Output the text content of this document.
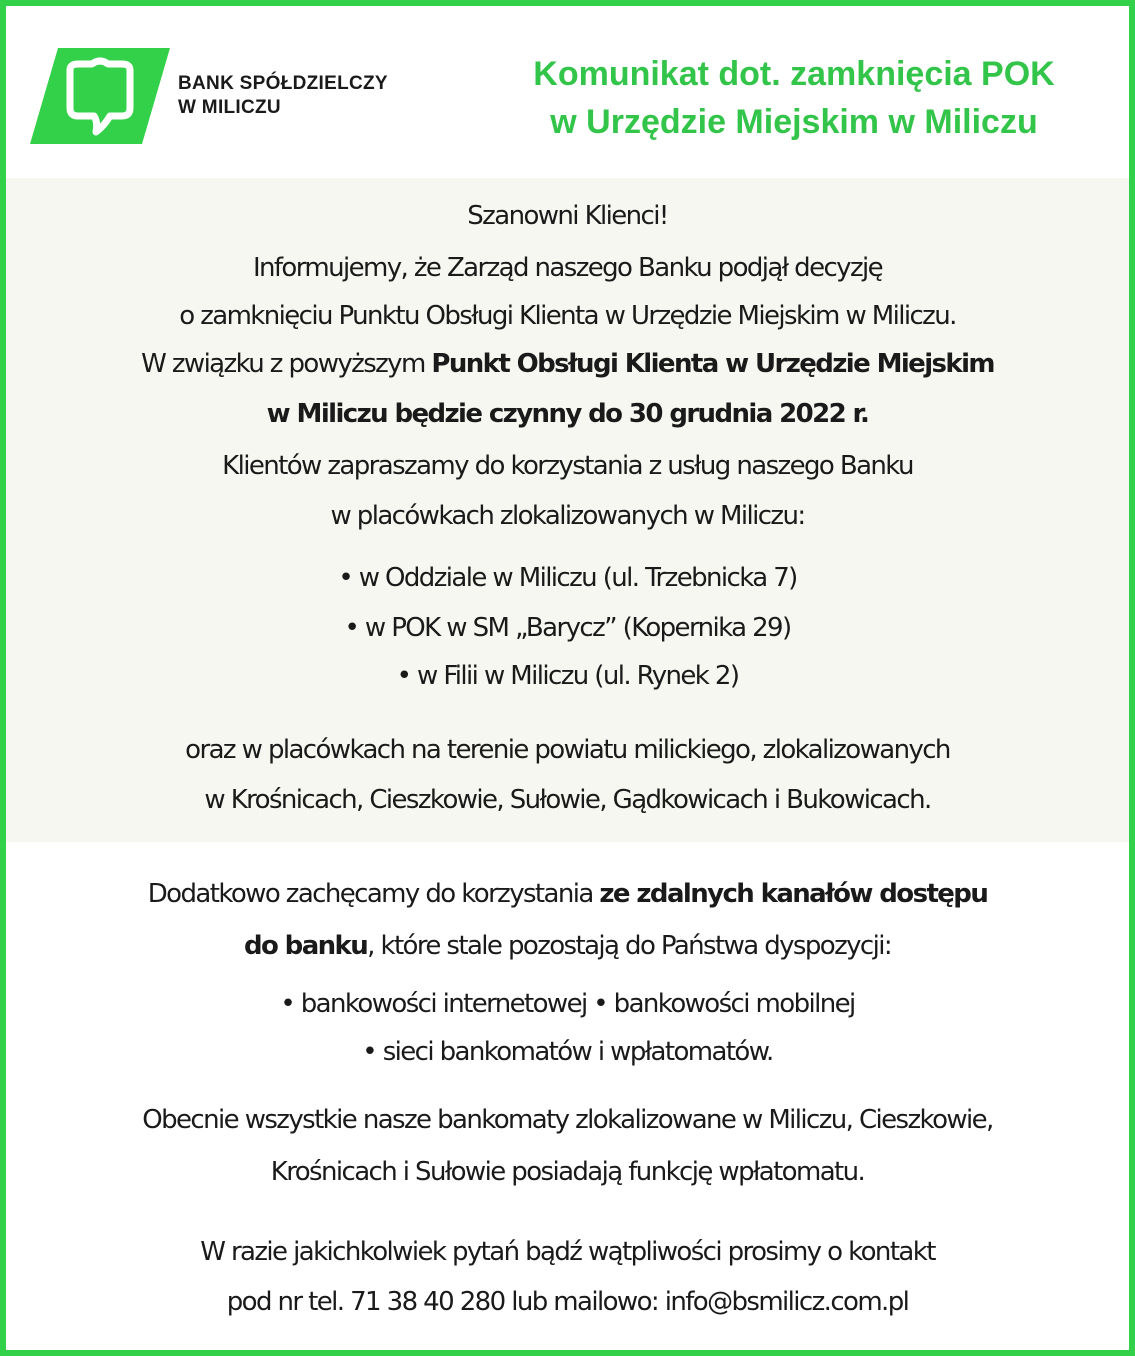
BANK SPÓŁDZIELCZY
W MILICZU
Komunikat dot. zamknięcia POK
w Urzędzie Miejskim w Miliczu
Szanowni Klienci!
Informujemy, że Zarząd naszego Banku podjął decyzję
o zamknięciu Punktu Obsługi Klienta w Urzędzie Miejskim w Miliczu.
W związku z powyższym Punkt Obsługi Klienta w Urzędzie Miejskim
w Miliczu będzie czynny do 30 grudnia 2022 r.
Klientów zapraszamy do korzystania z usług naszego Banku
w placówkach zlokalizowanych w Miliczu:
• w Oddziale w Miliczu (ul. Trzebnicka 7)
• w POK w SM „Barycz” (Kopernika 29)
• w Filii w Miliczu (ul. Rynek 2)
oraz w placówkach na terenie powiatu milickiego, zlokalizowanych
w Krośnicach, Cieszkowie, Sułowie, Gądkowicach i Bukowicach.
Dodatkowo zachęcamy do korzystania ze zdalnych kanałów dostępu
do banku, które stale pozostają do Państwa dyspozycji:
• bankowości internetowej • bankowości mobilnej
• sieci bankomatów i wpłatomatów.
Obecnie wszystkie nasze bankomaty zlokalizowane w Miliczu, Cieszkowie,
Krośnicach i Sułowie posiadają funkcję wpłatomatu.
W razie jakichkolwiek pytań bądź wątpliwości prosimy o kontakt
pod nr tel. 71 38 40 280 lub mailowo: info@bsmilicz.com.pl
